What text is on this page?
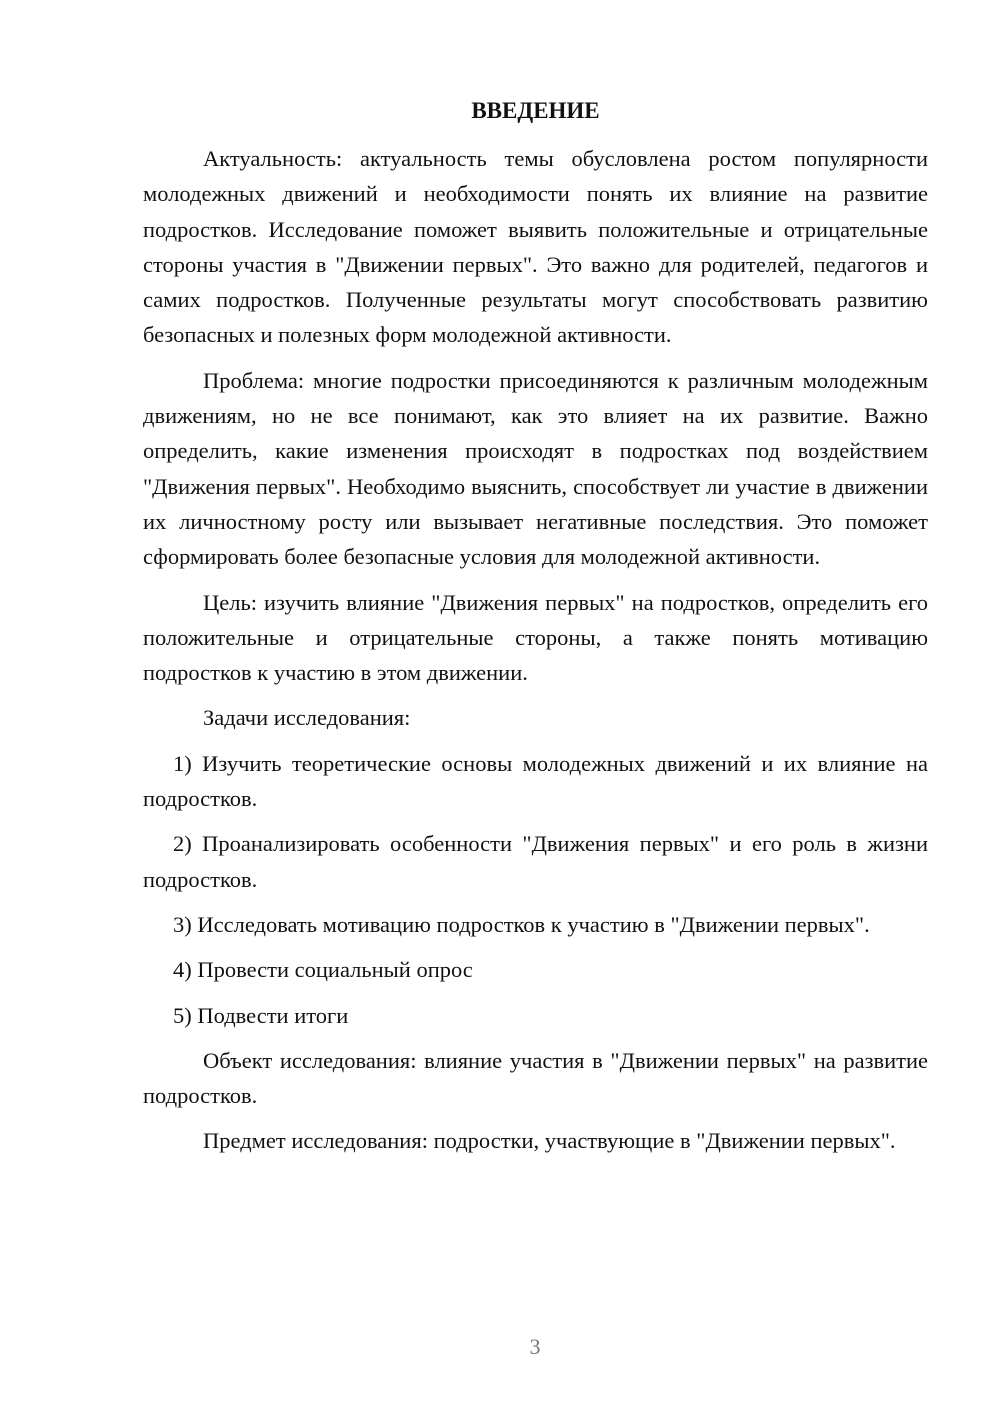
ВВЕДЕНИЕ

Актуальность: актуальность темы обусловлена ростом популярности молодежных движений и необходимости понять их влияние на развитие подростков. Исследование поможет выявить положительные и отрицательные стороны участия в "Движении первых". Это важно для родителей, педагогов и самих подростков. Полученные результаты могут способствовать развитию безопасных и полезных форм молодежной активности.

Проблема: многие подростки присоединяются к различным молодежным движениям, но не все понимают, как это влияет на их развитие. Важно определить, какие изменения происходят в подростках под воздействием "Движения первых". Необходимо выяснить, способствует ли участие в движении их личностному росту или вызывает негативные последствия. Это поможет сформировать более безопасные условия для молодежной активности.

Цель: изучить влияние "Движения первых" на подростков, определить его положительные и отрицательные стороны, а также понять мотивацию подростков к участию в этом движении.

Задачи исследования:

1) Изучить теоретические основы молодежных движений и их влияние на подростков.

2) Проанализировать особенности "Движения первых" и его роль в жизни подростков.

3) Исследовать мотивацию подростков к участию в "Движении первых".

4) Провести социальный опрос

5) Подвести итоги

Объект исследования: влияние участия в "Движении первых" на развитие подростков.

Предмет исследования: подростки, участвующие в "Движении первых".

3
